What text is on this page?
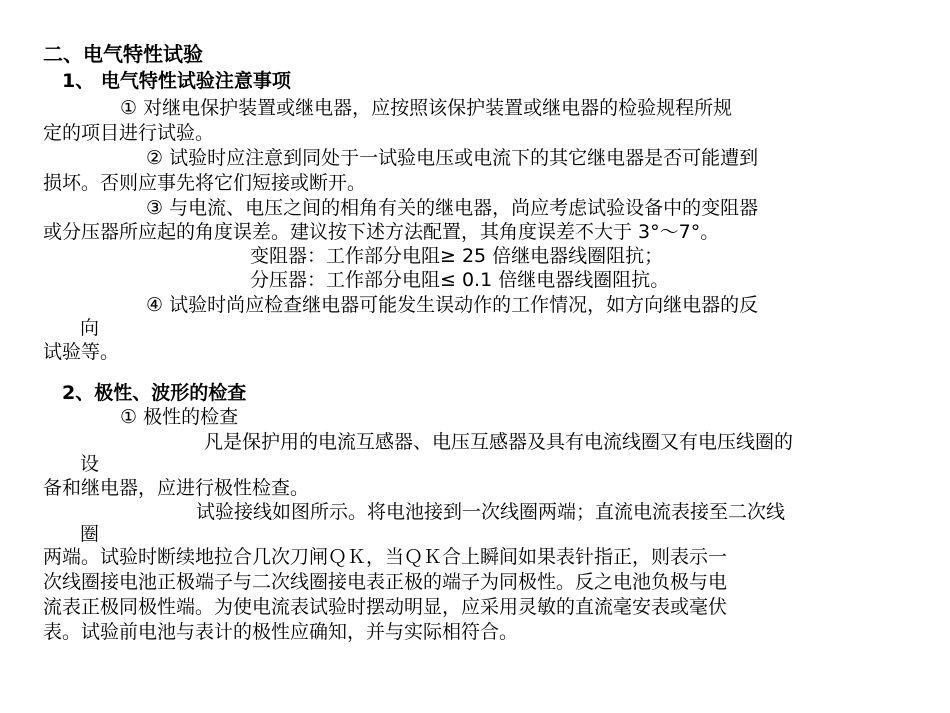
二、电气特性试验
1、 电气特性试验注意事项
① 对继电保护装置或继电器，应按照该保护装置或继电器的检验规程所规
定的项目进行试验。
② 试验时应注意到同处于一试验电压或电流下的其它继电器是否可能遭到
损坏。否则应事先将它们短接或断开。
③ 与电流、电压之间的相角有关的继电器，尚应考虑试验设备中的变阻器
或分压器所应起的角度误差。建议按下述方法配置，其角度误差不大于 3°～7°。
变阻器：工作部分电阻≥ 25 倍继电器线圈阻抗；
分压器：工作部分电阻≤ 0.1 倍继电器线圈阻抗。
④ 试验时尚应检查继电器可能发生误动作的工作情况，如方向继电器的反
向
试验等。
2、极性、波形的检查
① 极性的检查
凡是保护用的电流互感器、电压互感器及具有电流线圈又有电压线圈的
设
备和继电器，应进行极性检查。
试验接线如图所示。将电池接到一次线圈两端；直流电流表接至二次线
圈
两端。试验时断续地拉合几次刀闸ＱＫ，当ＱＫ合上瞬间如果表针指正，则表示一
次线圈接电池正极端子与二次线圈接电表正极的端子为同极性。反之电池负极与电
流表正极同极性端。为使电流表试验时摆动明显，应采用灵敏的直流毫安表或毫伏
表。试验前电池与表计的极性应确知，并与实际相符合。
